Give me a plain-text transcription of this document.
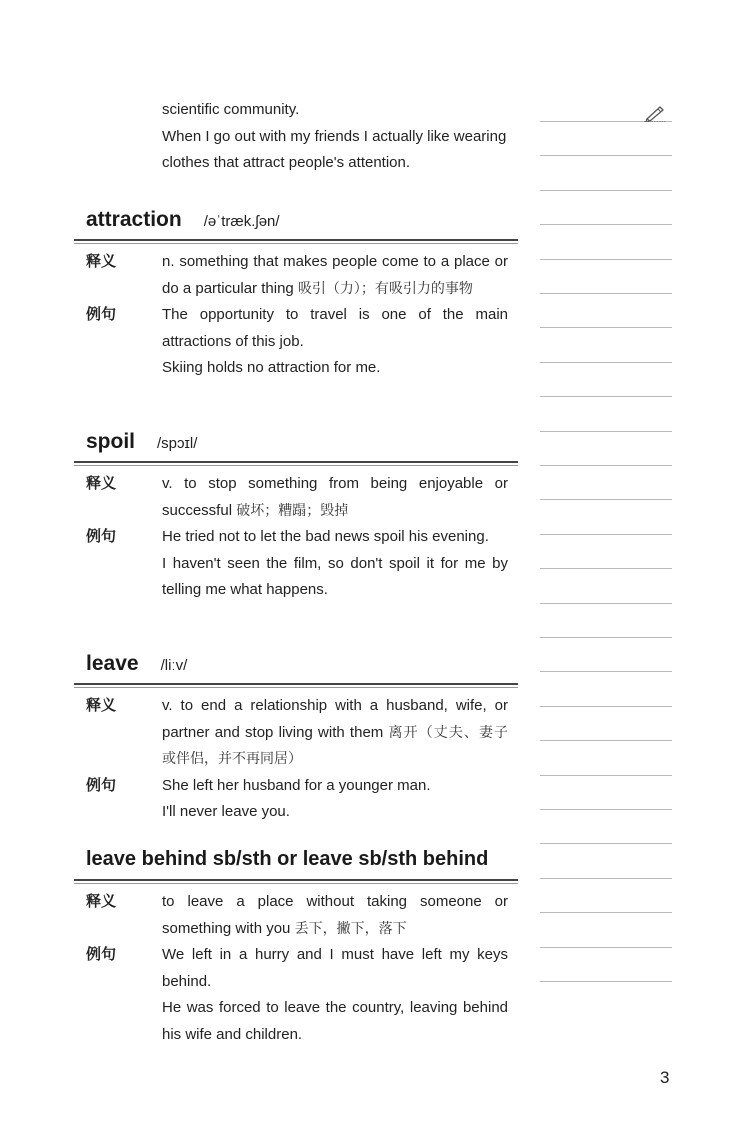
scientific community.

When I go out with my friends I actually like wearing clothes that attract people's attention.

attraction /əˈtræk.ʃən/
释义	n. something that makes people come to a place or do a particular thing 吸引（力）；有吸引力的事物
例句	The opportunity to travel is one of the main attractions of this job.

Skiing holds no attraction for me.

spoil /spɔɪl/
释义	v. to stop something from being enjoyable or successful 破坏；糟蹋；毁掉
例句	He tried not to let the bad news spoil his evening.

I haven't seen the film, so don't spoil it for me by telling me what happens.

leave /liːv/
释义	v. to end a relationship with a husband, wife, or partner and stop living with them 离开（丈夫、妻子或伴侣，并不再同居）
例句	She left her husband for a younger man.

I'll never leave you.

leave behind sb/sth or leave sb/sth behind
释义	to leave a place without taking someone or something with you 丢下，撇下，落下
例句	We left in a hurry and I must have left my keys behind.

He was forced to leave the country, leaving behind his wife and children.

3
